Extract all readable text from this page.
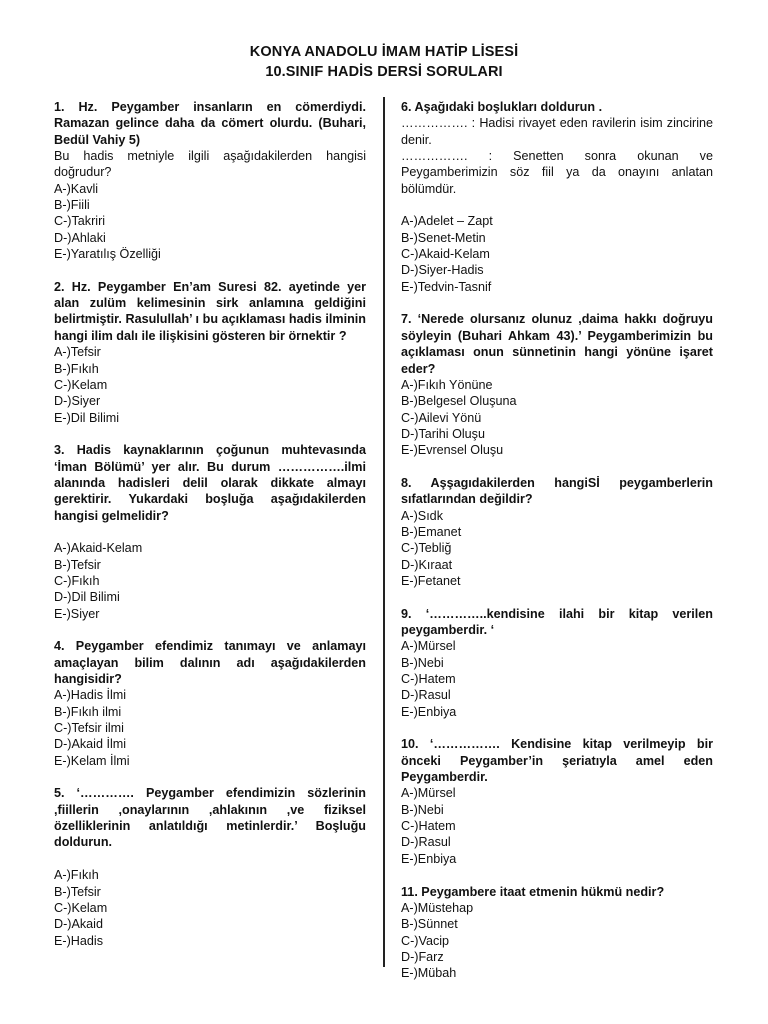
KONYA ANADOLU İMAM HATİP LİSESİ
10.SINIF HADİS DERSİ SORULARI
1. Hz. Peygamber insanların en cömerdiydi. Ramazan gelince daha da cömert olurdu. (Buhari, Bedül Vahiy 5)
Bu hadis metniyle ilgili aşağıdakilerden hangisi doğrudur?
A-)Kavli
B-)Fiili
C-)Takriri
D-)Ahlaki
E-)Yaratılış Özelliği
2. Hz. Peygamber En’am Suresi 82. ayetinde yer alan zulüm kelimesinin sirk anlamına geldiğini belirtmiştir. Rasulullah’ ı bu açıklaması hadis ilminin hangi ilim dalı ile ilişkisini gösteren bir örnektir ?
A-)Tefsir
B-)Fıkıh
C-)Kelam
D-)Siyer
E-)Dil Bilimi
3. Hadis kaynaklarının çoğunun muhtevasında ‘İman Bölümü’ yer alır. Bu durum …………….ilmi alanında hadisleri delil olarak dikkate almayı gerektirir. Yukardaki boşluğa aşağıdakilerden hangisi gelmelidir?
A-)Akaid-Kelam
B-)Tefsir
C-)Fıkıh
D-)Dil Bilimi
E-)Siyer
4. Peygamber efendimiz tanımayı ve anlamayı amaçlayan bilim dalının adı aşağıdakilerden hangisidir?
A-)Hadis İlmi
B-)Fıkıh ilmi
C-)Tefsir ilmi
D-)Akaid İlmi
E-)Kelam İlmi
5. ‘…………. Peygamber efendimizin sözlerinin ,fiillerin ,onaylarının ,ahlakının ,ve fiziksel özelliklerinin anlatıldığı metinlerdir.’ Boşluğu doldurun.
A-)Fıkıh
B-)Tefsir
C-)Kelam
D-)Akaid
E-)Hadis
6. Aşağıdaki boşlukları doldurun .
……………. : Hadisi rivayet eden ravilerin isim zincirine denir.
……………. : Senetten sonra okunan ve Peygamberimizin söz fiil ya da onayını anlatan bölümdür.
A-)Adelet – Zapt
B-)Senet-Metin
C-)Akaid-Kelam
D-)Siyer-Hadis
E-)Tedvin-Tasnif
7. ‘Nerede olursanız olunuz ,daima hakkı doğruyu söyleyin (Buhari Ahkam 43).’ Peygamberimizin bu açıklaması onun sünnetinin hangi yönüne işaret eder?
A-)Fıkıh Yönüne
B-)Belgesel Oluşuna
C-)Ailevi Yönü
D-)Tarihi Oluşu
E-)Evrensel Oluşu
8. Aşşagıdakilerden hangiSİ peygamberlerin sıfatlarından değildir?
A-)Sıdk
B-)Emanet
C-)Tebliğ
D-)Kıraat
E-)Fetanet
9. ‘…………..kendisine ilahi bir kitap verilen peygamberdir. ‘
A-)Mürsel
B-)Nebi
C-)Hatem
D-)Rasul
E-)Enbiya
10. ‘……………. Kendisine kitap verilmeyip bir önceki Peygamber’in şeriatıyla amel eden Peygamberdir.
A-)Mürsel
B-)Nebi
C-)Hatem
D-)Rasul
E-)Enbiya
11. Peygambere itaat etmenin hükmü nedir?
A-)Müstehap
B-)Sünnet
C-)Vacip
D-)Farz
E-)Mübah
